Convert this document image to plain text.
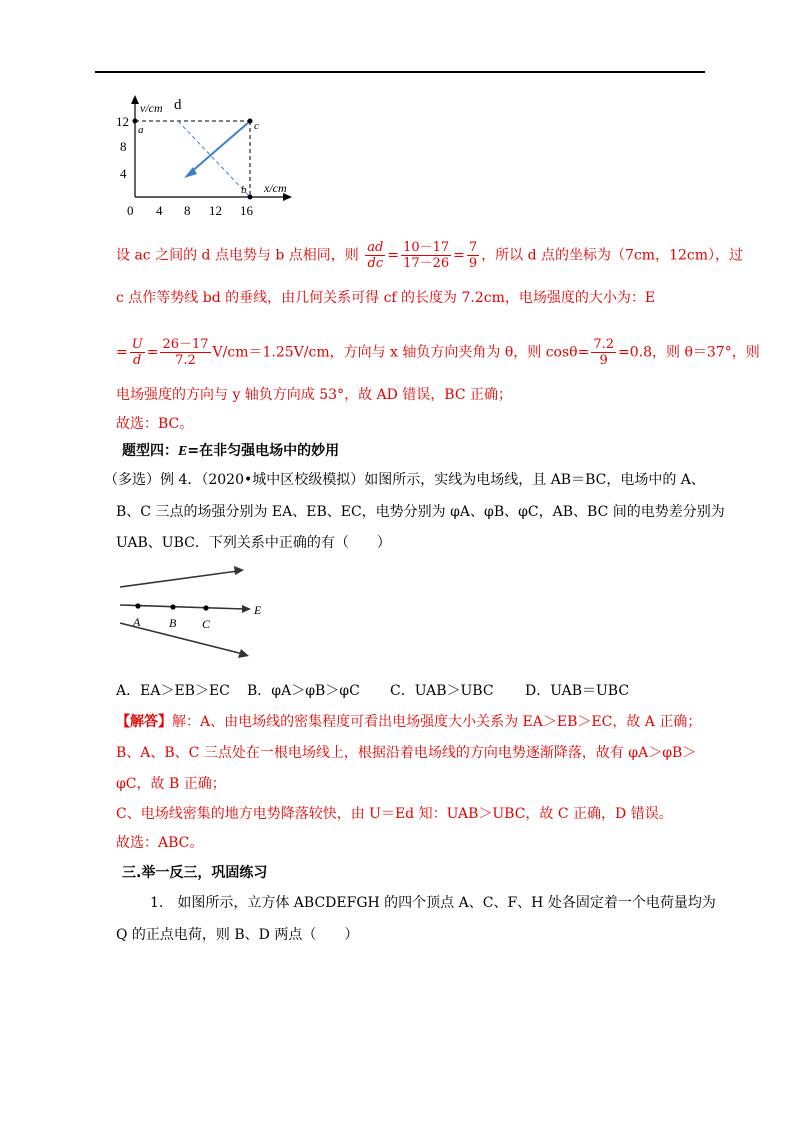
v/cm d
x/cm
12
8
4
0 4 8 12 16
a	c
b
设 ac 之间的 d 点电势与 b 点相同，则 $\frac{ad}{dc} = \frac{10-17}{17-26} = \frac{7}{9}$ ，所以 d 点的坐标为（7cm，12cm），过
c 点作等势线 bd 的垂线，由几何关系可得 cf 的长度为 7.2cm，电场强度的大小为：E
= $\frac{U}{d} = \frac{26-17}{7.2} V/cm=1.25V/cm$，方向与 x 轴负方向夹角为 θ，则 $\cos\theta= \frac{7.2}{9} =0.8$，则 θ＝37°，则
电场强度的方向与 y 轴负方向成 53°，故 AD 错误，BC 正确；
故选：BC。
题型四：E=在非匀强电场中的妙用
（多选）例 4．（2020•城中区校级模拟）如图所示，实线为电场线，且 AB＝BC，电场中的 A、
B、C 三点的场强分别为 EA、EB、EC，电势分别为 φA、φB、φC，AB、BC 间的电势差分别为
UAB、UBC．下列关系中正确的有（　　）
A B C
E
A．EA＞EB＞EC B．φA＞φB＞φC C．UAB＞UBC D．UAB＝UBC
【解答】解：A、由电场线的密集程度可看出电场强度大小关系为 EA＞EB＞EC，故 A 正确；
B、A、B、C 三点处在一根电场线上，根据沿着电场线的方向电势逐渐降落，故有 φA＞φB＞
φC，故 B 正确；
C、电场线密集的地方电势降落较快，由 U＝Ed 知：UAB＞UBC，故 C 正确，D 错误。
故选：ABC。
三.举一反三，巩固练习
1.　如图所示，立方体 ABCDEFGH 的四个顶点 A、C、F、H 处各固定着一个电荷量均为
Q 的正点电荷，则 B、D 两点（　　）
